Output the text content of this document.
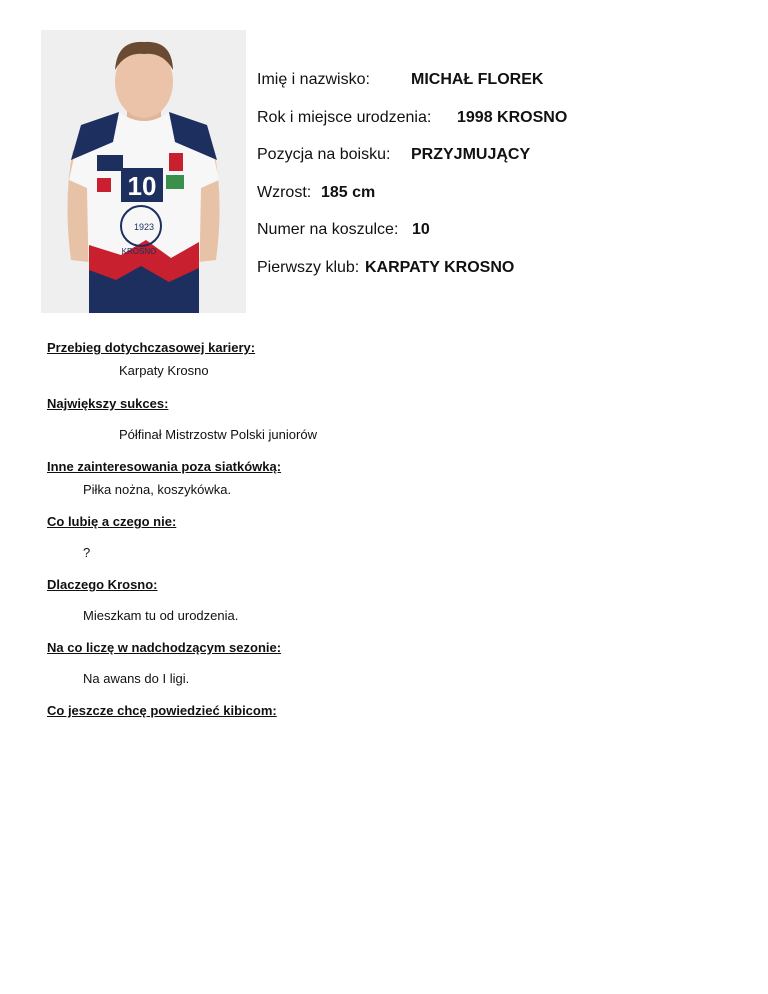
10
1923
KROSNO
Imię i nazwisko:	MICHAŁ FLOREK
Rok i miejsce urodzenia: 1998 KROSNO
Pozycja na boisku: PRZYJMUJĄCY
Wzrost: 185 cm
Numer na koszulce: 10
Pierwszy klub: KARPATY KROSNO
Przebieg dotychczasowej kariery:
Karpaty Krosno
Największy sukces:
Półfinał Mistrzostw Polski juniorów
Inne zainteresowania poza siatkówką:
Piłka nożna, koszykówka.
Co lubię a czego nie:
?
Dlaczego Krosno:
Mieszkam tu od urodzenia.
Na co liczę w nadchodzącym sezonie:
Na awans do I ligi.
Co jeszcze chcę powiedzieć kibicom:
